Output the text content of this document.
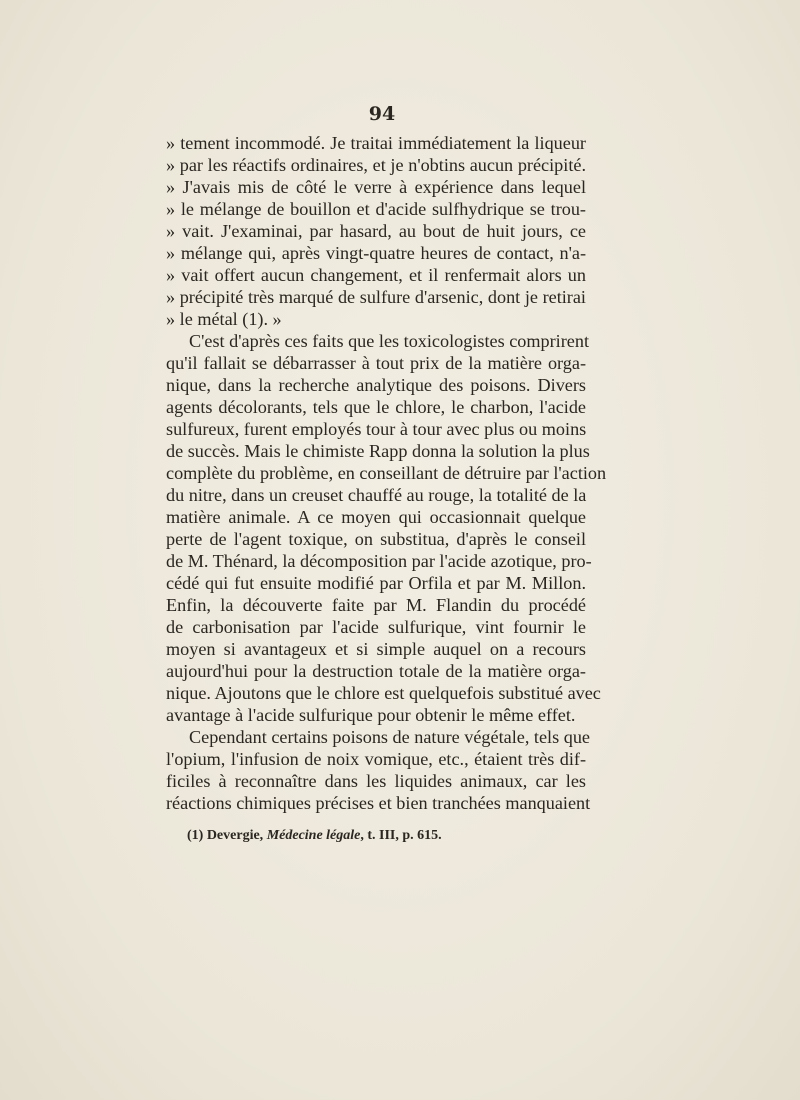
94
» tement incommodé. Je traitai immédiatement la liqueur
» par les réactifs ordinaires, et je n'obtins aucun précipité.
» J'avais mis de côté le verre à expérience dans lequel
» le mélange de bouillon et d'acide sulfhydrique se trou-
» vait. J'examinai, par hasard, au bout de huit jours, ce
» mélange qui, après vingt-quatre heures de contact, n'a-
» vait offert aucun changement, et il renfermait alors un
» précipité très marqué de sulfure d'arsenic, dont je retirai
» le métal (1). »
C'est d'après ces faits que les toxicologistes comprirent
qu'il fallait se débarrasser à tout prix de la matière orga-
nique, dans la recherche analytique des poisons. Divers
agents décolorants, tels que le chlore, le charbon, l'acide
sulfureux, furent employés tour à tour avec plus ou moins
de succès. Mais le chimiste Rapp donna la solution la plus
complète du problème, en conseillant de détruire par l'action
du nitre, dans un creuset chauffé au rouge, la totalité de la
matière animale. A ce moyen qui occasionnait quelque
perte de l'agent toxique, on substitua, d'après le conseil
de M. Thénard, la décomposition par l'acide azotique, pro-
cédé qui fut ensuite modifié par Orfila et par M. Millon.
Enfin, la découverte faite par M. Flandin du procédé
de carbonisation par l'acide sulfurique, vint fournir le
moyen si avantageux et si simple auquel on a recours
aujourd'hui pour la destruction totale de la matière orga-
nique. Ajoutons que le chlore est quelquefois substitué avec
avantage à l'acide sulfurique pour obtenir le même effet.
Cependant certains poisons de nature végétale, tels que
l'opium, l'infusion de noix vomique, etc., étaient très dif-
ficiles à reconnaître dans les liquides animaux, car les
réactions chimiques précises et bien tranchées manquaient
(1) Devergie, Médecine légale, t. III, p. 615.
